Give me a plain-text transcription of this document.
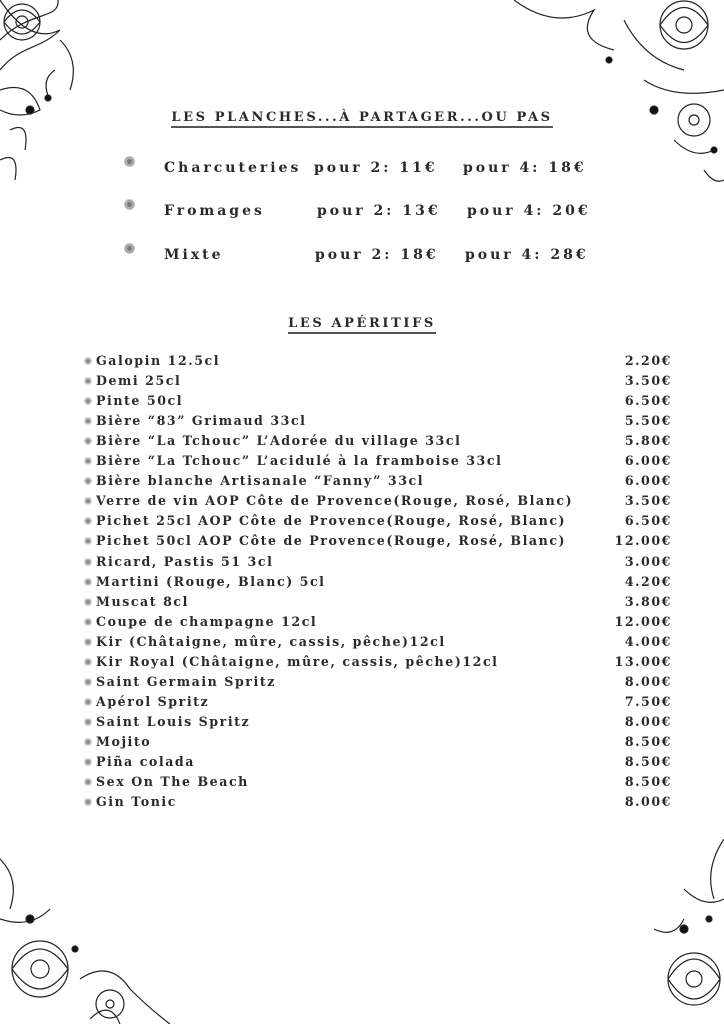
LES PLANCHES...À PARTAGER...OU PAS
Charcuteries pour 2: 11€ pour 4: 18€
Fromages	pour 2: 13€ pour 4: 20€
Mixte	pour 2: 18€ pour 4: 28€
LES APÉRITIFS
Galopin 12.5cl	2.20€
Demi 25cl	3.50€
Pinte 50cl	6.50€
Bière “83” Grimaud 33cl	5.50€
Bière “La Tchouc” L’Adorée du village 33cl	5.80€
Bière “La Tchouc” L’acidulé à la framboise 33cl	6.00€
Bière blanche Artisanale “Fanny” 33cl	6.00€
Verre de vin AOP Côte de Provence(Rouge, Rosé, Blanc)	3.50€
Pichet 25cl AOP Côte de Provence(Rouge, Rosé, Blanc)	6.50€
Pichet 50cl AOP Côte de Provence(Rouge, Rosé, Blanc)	12.00€
Ricard, Pastis 51 3cl	3.00€
Martini (Rouge, Blanc) 5cl	4.20€
Muscat 8cl	3.80€
Coupe de champagne 12cl	12.00€
Kir (Châtaigne, mûre, cassis, pêche)12cl	4.00€
Kir Royal (Châtaigne, mûre, cassis, pêche)12cl	13.00€
Saint Germain Spritz	8.00€
Apérol Spritz	7.50€
Saint Louis Spritz	8.00€
Mojito	8.50€
Piña colada	8.50€
Sex On The Beach	8.50€
Gin Tonic	8.00€
